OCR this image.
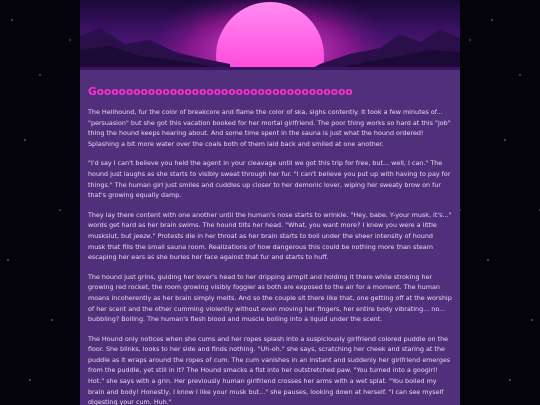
Gooooooooooooooooooooooooooooooooooo

The Hellhound, fur the color of breakcore and flame the color of ska, sighs contently. It took a few minutes of... "persuasion" but she got this vacation booked for her mortal girlfriend. The poor thing works so hard at this "job" thing the hound keeps hearing about. And some time spent in the sauna is just what the hound ordered! Splashing a bit more water over the coals both of them laid back and smiled at one another.

"I'd say I can't believe you held the agent in your cleavage until we got this trip for free, but... well, I can." The hound just laughs as she starts to visibly sweat through her fur. "I can't believe you put up with having to pay for things." The human girl just smiles and cuddles up closer to her demonic lover, wiping her sweaty brow on fur that's growing equally damp.

They lay there content with one another until the human's nose starts to wrinkle. "Hey, babe. Y-your musk, it's..." words get hard as her brain swims. The hound tilts her head. "What, you want more? I knew you were a little muskslut, but jeeze." Protests die in her throat as her brain starts to boil under the sheer intensity of hound musk that fills the small sauna room. Realizations of how dangerous this could be nothing more than steam escaping her ears as she buries her face against that fur and starts to huff.

The hound just grins, guiding her lover's head to her dripping armpit and holding it there while stroking her growing red rocket, the room growing visibly foggier as both are exposed to the air for a moment. The human moans incoherently as her brain simply melts. And so the couple sit there like that, one getting off at the worship of her scent and the other cumming violently without even moving her fingers, her entire body vibrating... no... bubbling? Boiling. The human's flesh blood and muscle boiling into a liquid under the scent.

The Hound only notices when she cums and her ropes splash into a suspiciously girlfriend colored puddle on the floor. She blinks, looks to her side and finds nothing. "Uh-oh." she says, scratching her cheek and staring at the puddle as it wraps around the ropes of cum. The cum vanishes in an instant and suddenly her girlfriend emerges from the puddle, yet still in it? The Hound smacks a fist into her outstretched paw. "You turned into a googirl! Hot." she says with a grin. Her previously human girlfriend crosses her arms with a wet splat. "You boiled my brain and body! Honestly, I know I like your musk but..." she pauses, looking down at herself. "I can see myself digesting your cum. Huh."
